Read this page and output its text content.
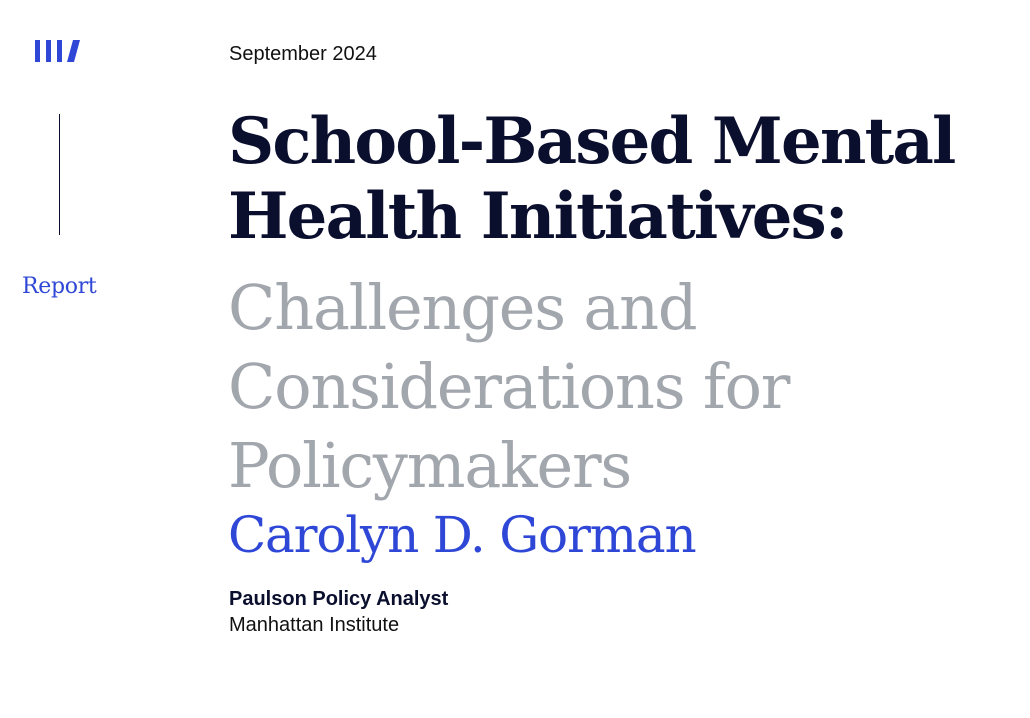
Report
September 2024
School-Based Mental
Health Initiatives:
Challenges and
Considerations for
Policymakers
Carolyn D. Gorman
Paulson Policy Analyst
Manhattan Institute
